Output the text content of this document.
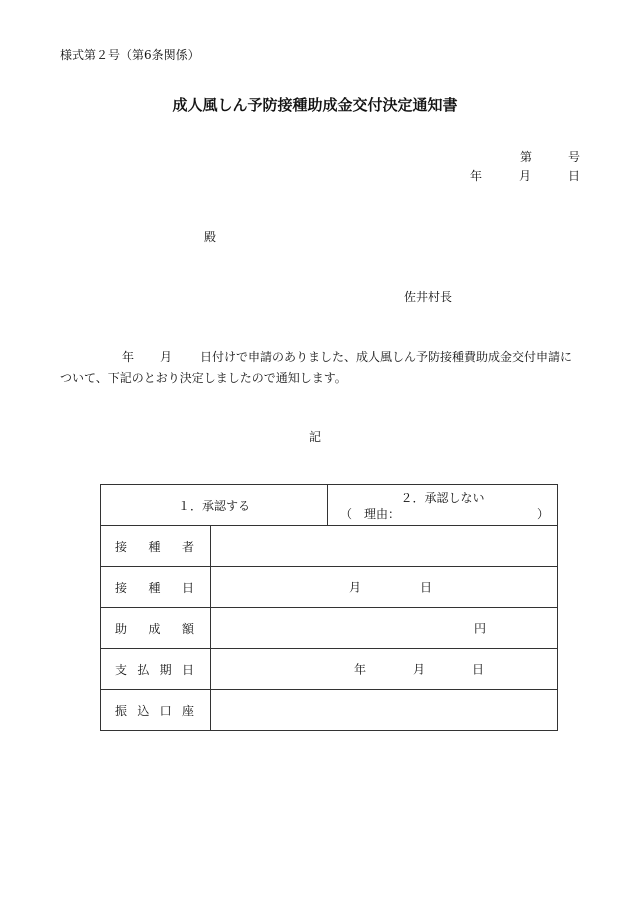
様式第２号（第6条関係）
成人風しん予防接種助成金交付決定通知書
第	号
年	月	日
殿
佐井村長
年 月 日付けで申請のありました、成人風しん予防接種費助成金交付申請に
ついて、下記のとおり決定しましたので通知します。
記
１．承認する		２．承認しない
（　理由： ）

接 種 者		

接 種 日	月 日	

助 成 額	円	

支 払 期 日	年 月 日	

振 込 口 座		
